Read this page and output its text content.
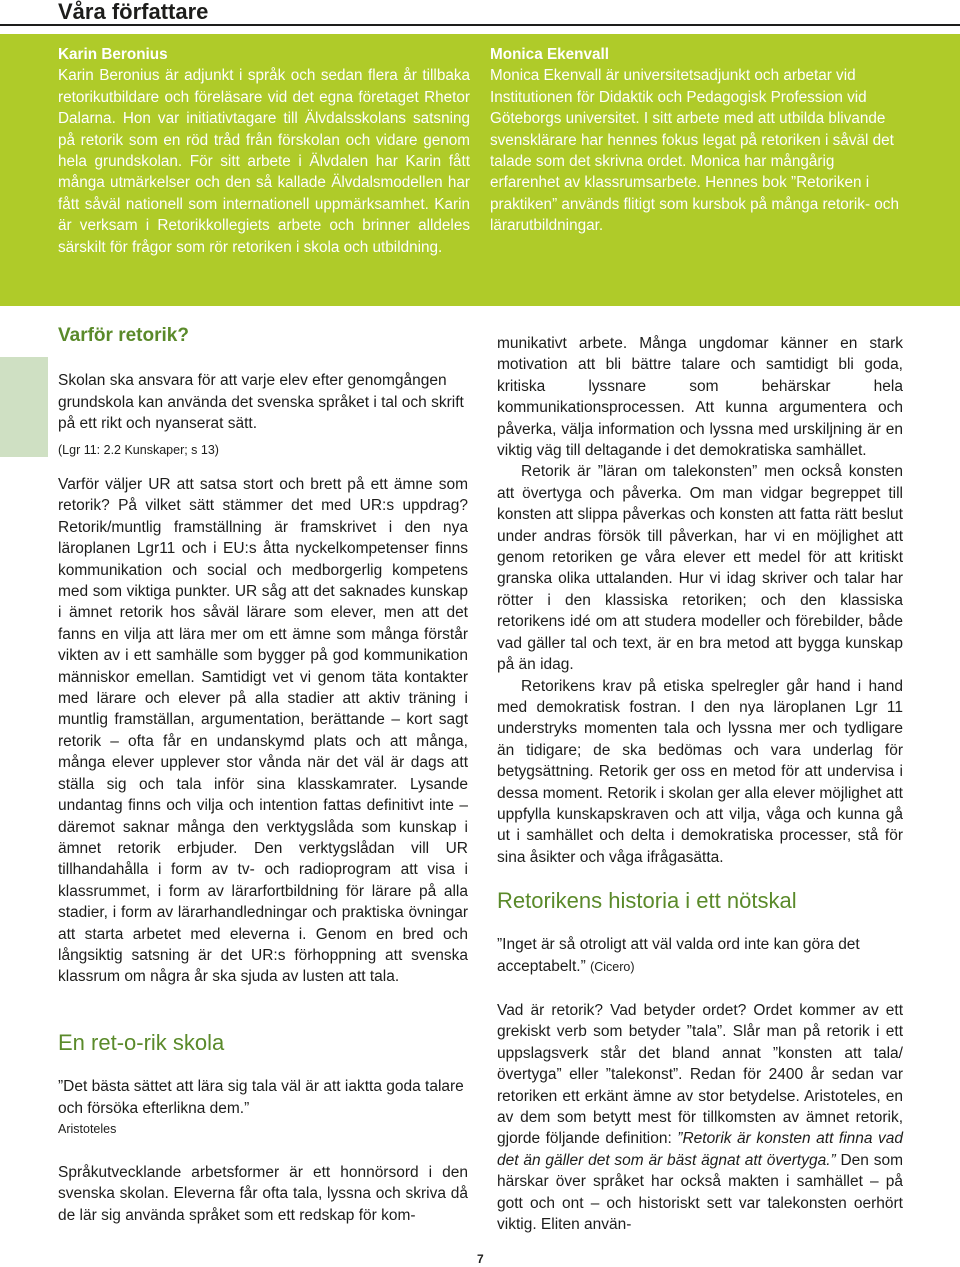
Våra författare
Karin Beronius
Karin Beronius är adjunkt i språk och sedan flera år tillbaka retorikutbildare och föreläsare vid det egna företaget Rhetor Dalarna. Hon var initiativtagare till Älvdalsskolans satsning på retorik som en röd tråd från förskolan och vidare genom hela grundskolan. För sitt arbete i Älvdalen har Karin fått många utmärkelser och den så kallade Älvdalsmodellen har fått såväl nationell som internationell uppmärksamhet. Karin är verksam i Retorikkollegiets arbete och brinner alldeles särskilt för frågor som rör retoriken i skola och utbildning.
Monica Ekenvall
Monica Ekenvall är universitetsadjunkt och arbetar vid Institutionen för Didaktik och Pedagogisk Profession vid Göteborgs universitet. I sitt arbete med att utbilda blivande svensklärare har hennes fokus legat på retoriken i såväl det talade som det skrivna ordet. Monica har mångårig erfarenhet av klassrumsarbete. Hennes bok ”Retoriken i praktiken” används flitigt som kursbok på många retorik- och lärarutbildningar.
Varför retorik?
Skolan ska ansvara för att varje elev efter genomgången grundskola kan använda det svenska språket i tal och skrift på ett rikt och nyanserat sätt.
(Lgr 11: 2.2 Kunskaper; s 13)

Varför väljer UR att satsa stort och brett på ett ämne som retorik? På vilket sätt stämmer det med UR:s uppdrag? Retorik/muntlig framställning är framskrivet i den nya läroplanen Lgr11 och i EU:s åtta nyckelkompetenser finns kommunikation och social och medborgerlig kompetens med som viktiga punkter. UR såg att det saknades kunskap i ämnet retorik hos såväl lärare som elever, men att det fanns en vilja att lära mer om ett ämne som många förstår vikten av i ett samhälle som bygger på god kommunikation människor emellan. Samtidigt vet vi genom täta kontakter med lärare och elever på alla stadier att aktiv träning i muntlig framställan, argumentation, berättande – kort sagt retorik – ofta får en undanskymd plats och att många, många elever upplever stor vånda när det väl är dags att ställa sig och tala inför sina klasskamrater. Lysande undantag finns och vilja och intention fattas definitivt inte – däremot saknar många den verktygslåda som kunskap i ämnet retorik erbjuder. Den verktygslådan vill UR tillhandahålla i form av tv- och radioprogram att visa i klassrummet, i form av lärarfortbildning för lärare på alla stadier, i form av lärarhandledningar och praktiska övningar att starta arbetet med eleverna i. Genom en bred och långsiktig satsning är det UR:s förhoppning att svenska klassrum om några år ska sjuda av lusten att tala.

En ret-o-rik skola
”Det bästa sättet att lära sig tala väl är att iaktta goda talare och försöka efterlikna dem.”
Aristoteles

Språkutvecklande arbetsformer är ett honnörsord i den svenska skolan. Eleverna får ofta tala, lyssna och skriva då de lär sig använda språket som ett redskap för kom-

munikativt arbete. Många ungdomar känner en stark motivation att bli bättre talare och samtidigt bli goda, kritiska lyssnare som behärskar hela kommunikationsprocessen. Att kunna argumentera och påverka, välja information och lyssna med urskiljning är en viktig väg till deltagande i det demokratiska samhället.

Retorik är ”läran om talekonsten” men också konsten att övertyga och påverka. Om man vidgar begreppet till konsten att slippa påverkas och konsten att fatta rätt beslut under andras försök till påverkan, har vi en möjlighet att genom retoriken ge våra elever ett medel för att kritiskt granska olika uttalanden. Hur vi idag skriver och talar har rötter i den klassiska retoriken; och den klassiska retorikens idé om att studera modeller och förebilder, både vad gäller tal och text, är en bra metod att bygga kunskap på än idag.

Retorikens krav på etiska spelregler går hand i hand med demokratisk fostran. I den nya läroplanen Lgr 11 understryks momenten tala och lyssna mer och tydligare än tidigare; de ska bedömas och vara underlag för betygsättning. Retorik ger oss en metod för att undervisa i dessa moment. Retorik i skolan ger alla elever möjlighet att uppfylla kunskapskraven och att vilja, våga och kunna gå ut i samhället och delta i demokratiska processer, stå för sina åsikter och våga ifrågasätta.

Retorikens historia i ett nötskal
”Inget är så otroligt att väl valda ord inte kan göra det acceptabelt.” (Cicero)

Vad är retorik? Vad betyder ordet? Ordet kommer av ett grekiskt verb som betyder ”tala”. Slår man på retorik i ett uppslagsverk står det bland annat ”konsten att tala/övertyga” eller ”talekonst”. Redan för 2400 år sedan var retoriken ett erkänt ämne av stor betydelse. Aristoteles, en av dem som betytt mest för tillkomsten av ämnet retorik, gjorde följande definition: ”Retorik är konsten att finna vad det än gäller det som är bäst ägnat att övertyga.” Den som härskar över språket har också makten i samhället – på gott och ont – och historiskt sett var talekonsten oerhört viktig. Eliten använ-

7
